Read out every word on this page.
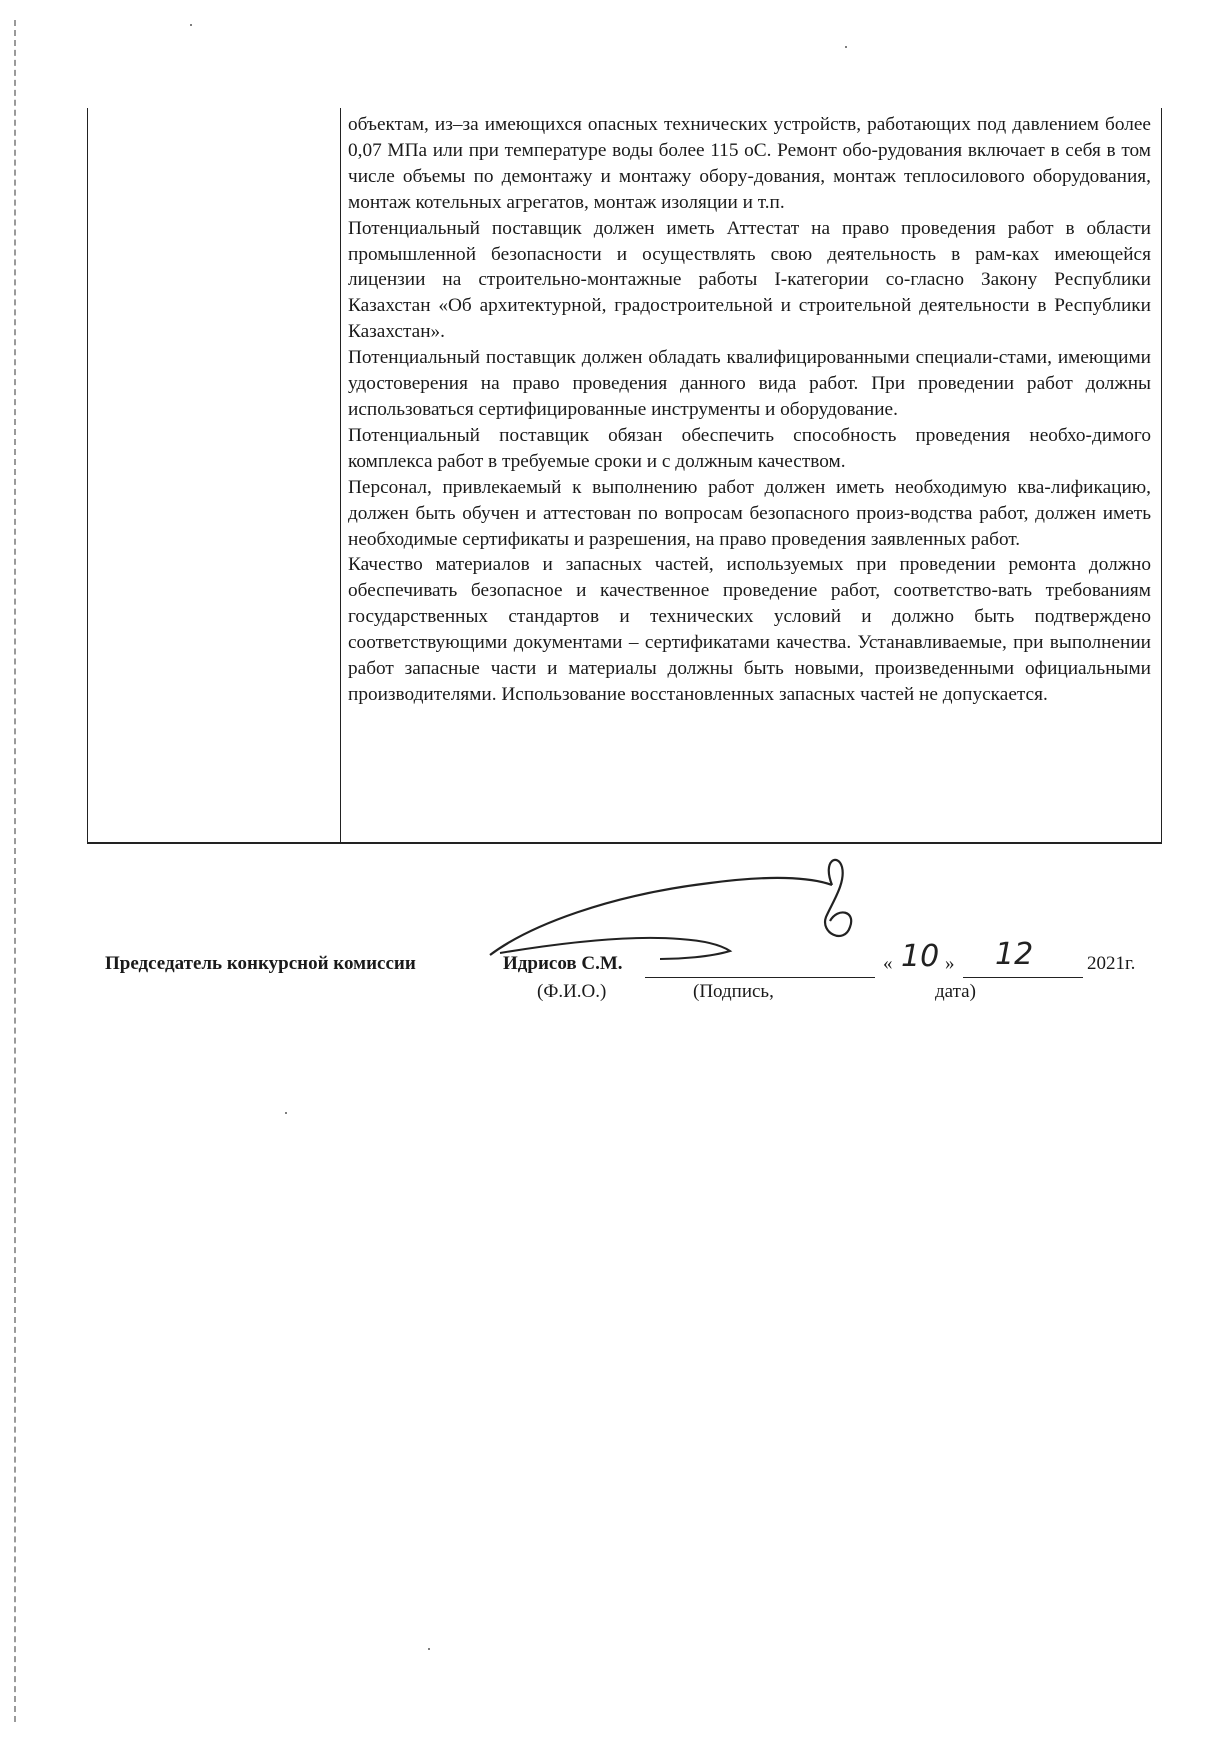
объектам, из–за имеющихся опасных технических устройств, работающих под давлением более 0,07 МПа или при температуре воды более 115 оС. Ремонт обо-рудования включает в себя в том числе объемы по демонтажу и монтажу обору-дования, монтаж теплосилового оборудования, монтаж котельных агрегатов, монтаж изоляции и т.п.

Потенциальный поставщик должен иметь Аттестат на право проведения работ в области промышленной безопасности и осуществлять свою деятельность в рам-ках имеющейся лицензии на строительно-монтажные работы I-категории со-гласно Закону Республики Казахстан «Об архитектурной, градостроительной и строительной деятельности в Республики Казахстан».

Потенциальный поставщик должен обладать квалифицированными специали-стами, имеющими удостоверения на право проведения данного вида работ. При проведении работ должны использоваться сертифицированные инструменты и оборудование.

Потенциальный поставщик обязан обеспечить способность проведения необхо-димого комплекса работ в требуемые сроки и с должным качеством.

Персонал, привлекаемый к выполнению работ должен иметь необходимую ква-лификацию, должен быть обучен и аттестован по вопросам безопасного произ-водства работ, должен иметь необходимые сертификаты и разрешения, на право проведения заявленных работ.

Качество материалов и запасных частей, используемых при проведении ремонта должно обеспечивать безопасное и качественное проведение работ, соответство-вать требованиям государственных стандартов и технических условий и должно быть подтверждено соответствующими документами – сертификатами качества. Устанавливаемые, при выполнении работ запасные части и материалы должны быть новыми, произведенными официальными производителями. Использование восстановленных запасных частей не допускается.

Председатель конкурсной комиссии	Идрисов С.М.	« 10 » 12	2021г.
(Ф.И.О.)	(Подпись,	дата)
